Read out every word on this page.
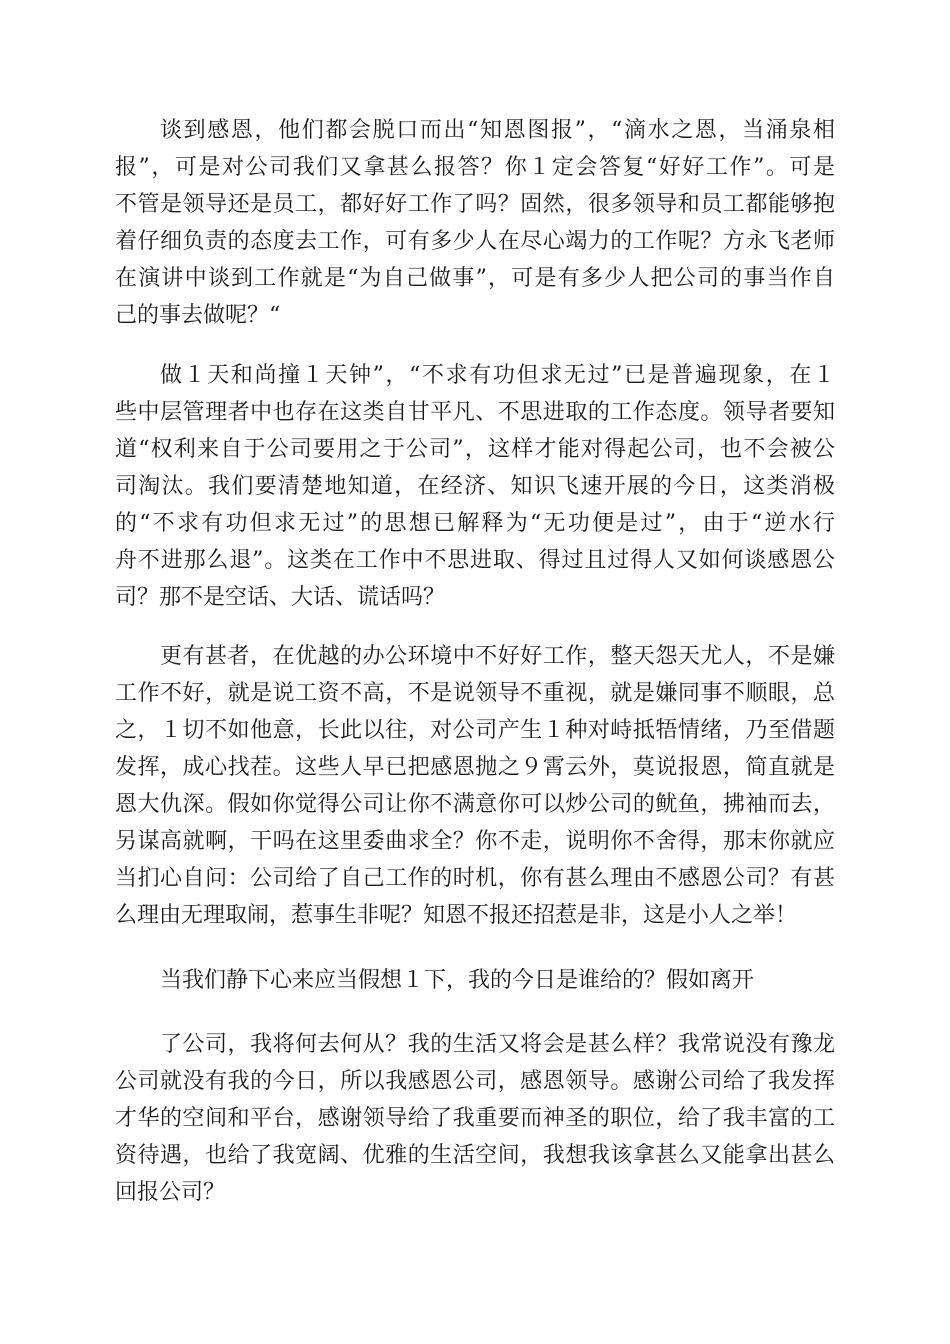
谈到感恩，他们都会脱口而出“知恩图报”，“滴水之恩，当涌泉相
报”，可是对公司我们又拿甚么报答？你１定会答复“好好工作”。可是
不管是领导还是员工，都好好工作了吗？固然，很多领导和员工都能够抱
着仔细负责的态度去工作，可有多少人在尽心竭力的工作呢？方永飞老师
在演讲中谈到工作就是“为自己做事”，可是有多少人把公司的事当作自
己的事去做呢？“
做１天和尚撞１天钟”，“不求有功但求无过”已是普遍现象，在１
些中层管理者中也存在这类自甘平凡、不思进取的工作态度。领导者要知
道“权利来自于公司要用之于公司”，这样才能对得起公司，也不会被公
司淘汰。我们要清楚地知道，在经济、知识飞速开展的今日，这类消极
的“不求有功但求无过”的思想已解释为“无功便是过”，由于“逆水行
舟不进那么退”。这类在工作中不思进取、得过且过得人又如何谈感恩公
司？那不是空话、大话、谎话吗？
更有甚者，在优越的办公环境中不好好工作，整天怨天尤人，不是嫌
工作不好，就是说工资不高，不是说领导不重视，就是嫌同事不顺眼，总
之，１切不如他意，长此以往，对公司产生１种对峙抵牾情绪，乃至借题
发挥，成心找茬。这些人早已把感恩抛之９霄云外，莫说报恩，简直就是
恩大仇深。假如你觉得公司让你不满意你可以炒公司的鱿鱼，拂袖而去，
另谋高就啊，干吗在这里委曲求全？你不走，说明你不舍得，那末你就应
当扪心自问：公司给了自己工作的时机，你有甚么理由不感恩公司？有甚
么理由无理取闹，惹事生非呢？知恩不报还招惹是非，这是小人之举！
当我们静下心来应当假想１下，我的今日是谁给的？假如离开
了公司，我将何去何从？我的生活又将会是甚么样？我常说没有豫龙
公司就没有我的今日，所以我感恩公司，感恩领导。感谢公司给了我发挥
才华的空间和平台，感谢领导给了我重要而神圣的职位，给了我丰富的工
资待遇，也给了我宽阔、优雅的生活空间，我想我该拿甚么又能拿出甚么
回报公司？
